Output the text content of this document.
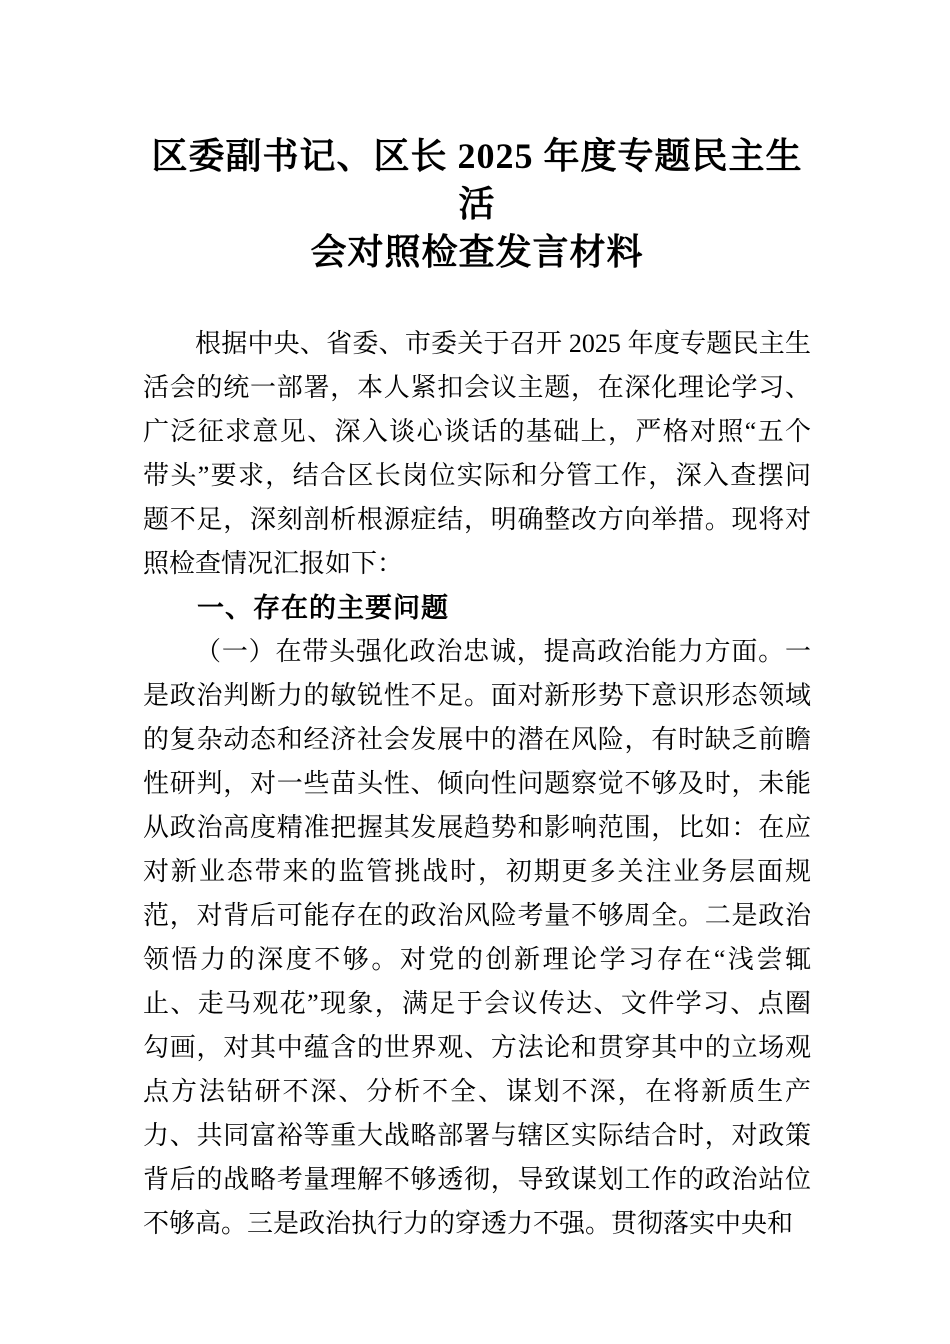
区委副书记、区长 2025 年度专题民主生活
会对照检查发言材料
根据中央、省委、市委关于召开 2025 年度专题民主生
活会的统一部署，本人紧扣会议主题，在深化理论学习、
广泛征求意见、深入谈心谈话的基础上，严格对照“五个
带头”要求，结合区长岗位实际和分管工作，深入查摆问
题不足，深刻剖析根源症结，明确整改方向举措。现将对
照检查情况汇报如下：
一、存在的主要问题
（一）在带头强化政治忠诚，提高政治能力方面。一
是政治判断力的敏锐性不足。面对新形势下意识形态领域
的复杂动态和经济社会发展中的潜在风险，有时缺乏前瞻
性研判，对一些苗头性、倾向性问题察觉不够及时，未能
从政治高度精准把握其发展趋势和影响范围，比如：在应
对新业态带来的监管挑战时，初期更多关注业务层面规
范，对背后可能存在的政治风险考量不够周全。二是政治
领悟力的深度不够。对党的创新理论学习存在“浅尝辄
止、走马观花”现象，满足于会议传达、文件学习、点圈
勾画，对其中蕴含的世界观、方法论和贯穿其中的立场观
点方法钻研不深、分析不全、谋划不深，在将新质生产
力、共同富裕等重大战略部署与辖区实际结合时，对政策
背后的战略考量理解不够透彻，导致谋划工作的政治站位
不够高。三是政治执行力的穿透力不强。贯彻落实中央和
